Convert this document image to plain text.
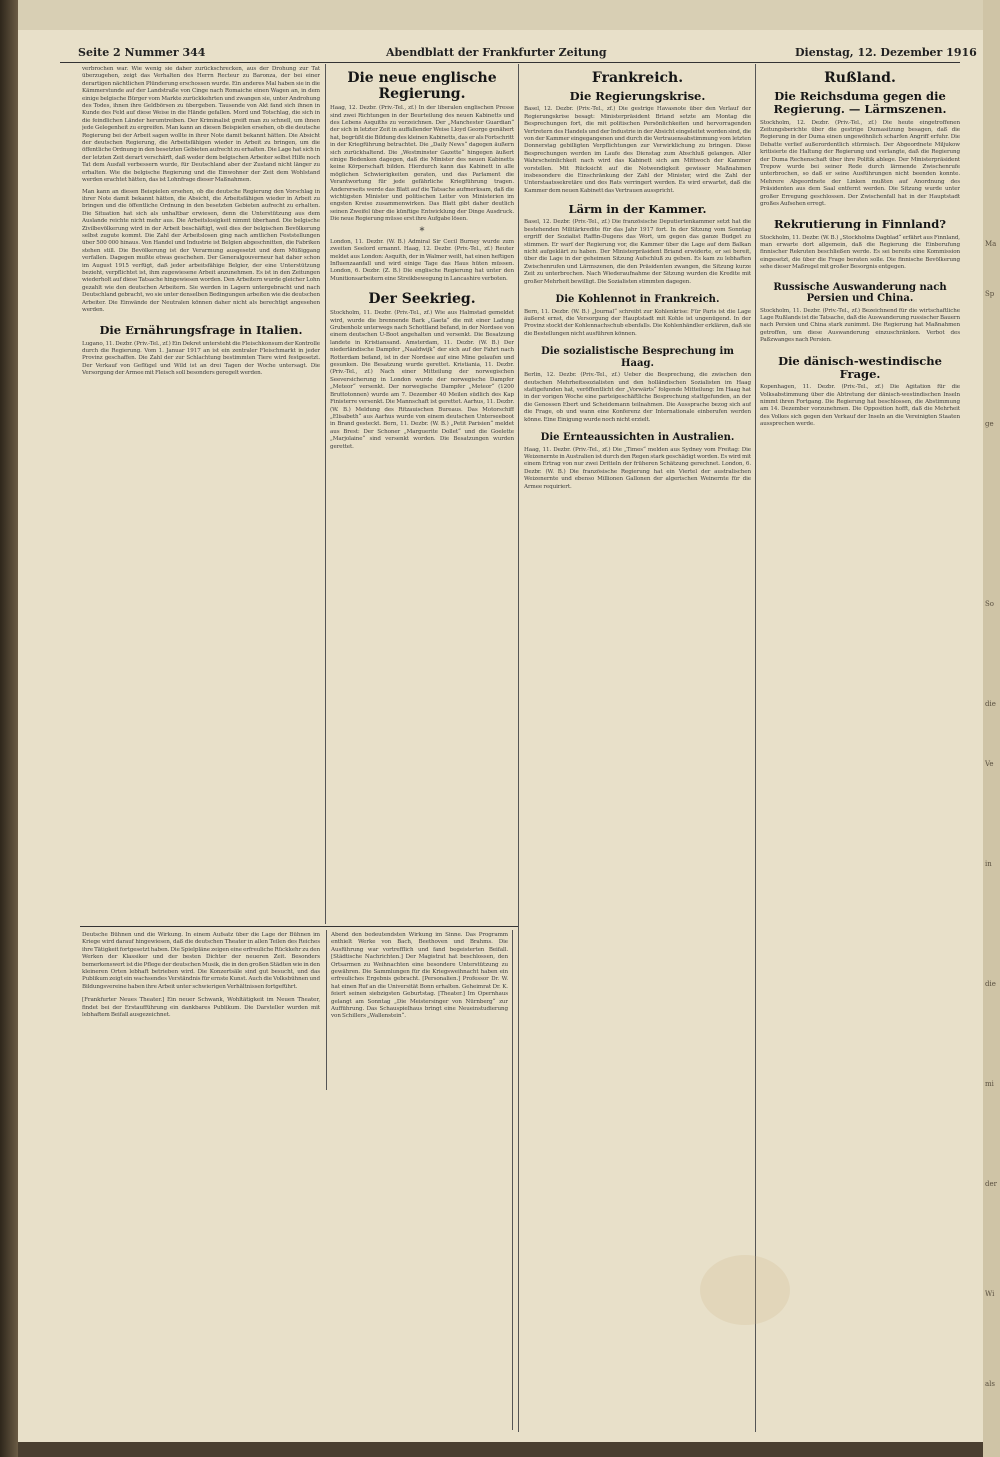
Ma
Sp
ge
So
die
Ve
in
die
mi
der
Wi
als
Seite 2 Nummer 344	Abendblatt der Frankfurter Zeitung	Dienstag, 12. Dezember 1916
verbrochen war. Wie wenig sie daher zurückschrecken, aus der Drohung zur Tat überzugehen, zeigt das Verhalten des Herrn Recteur zu Baronza, der bei einer derartigen nächtlichen Plünderung erschossen wurde. Ein anderes Mal haben sie in die Kämmerstunde auf der Landstraße von Cinge nach Romaiche einen Wagen an, in dem einige belgische Bürger vom Markte zurückkehrten und zwangen sie, unter Androhung des Todes, ihnen ihre Geldbörsen zu übergeben. Tausende von Akt fand sich ihnen in Kunde des Feld auf diese Weise in die Hände gefallen. Mord und Totschlag, die sich in die feindlichen Länder herumtreiben. Der Kriminalist greift man zu schnell, um ihnen jede Gelegenheit zu ergreifen. Man kann an diesen Beispielen ersehen, ob die deutsche Regierung bei der Arbeit sagen wollte in ihrer Note damit bekannt hätten. Die Absicht der deutschen Regierung, die Arbeitsfähigen wieder in Arbeit zu bringen, um die öffentliche Ordnung in den besetzten Gebieten aufrecht zu erhalten. Die Lage hat sich in der letzten Zeit derart verschärft, daß weder dem belgischen Arbeiter selbst Hilfe noch Tat dem Ausfall verbessern wurde, für Deutschland aber der Zustand nicht länger zu erhalten. Wie die belgische Regierung und die Einwohner der Zeit dem Wohlstand werden erachtet hätten, das ist Lohnfrage dieser Maßnahmen.
Man kann an diesen Beispielen ersehen, ob die deutsche Regierung den Vorschlag in ihrer Note damit bekannt hätten, die Absicht, die Arbeitsfähigen wieder in Arbeit zu bringen und die öffentliche Ordnung in den besetzten Gebieten aufrecht zu erhalten. Die Situation hat sich als unhaltbar erwiesen, denn die Unterstützung aus dem Auslande reichte nicht mehr aus. Die Arbeitslosigkeit nimmt überhand. Die belgische Zivilbevölkerung wird in der Arbeit beschäftigt, weil dies der belgischen Bevölkerung selbst zugute kommt. Die Zahl der Arbeitslosen ging nach amtlichen Feststellungen über 500 000 hinaus. Von Handel und Industrie ist Belgien abgeschnitten, die Fabriken stehen still. Die Bevölkerung ist der Verarmung ausgesetzt und dem Müßiggang verfallen. Dagegen mußte etwas geschehen. Der Generalgouverneur hat daher schon im August 1915 verfügt, daß jeder arbeitsfähige Belgier, der eine Unterstützung bezieht, verpflichtet ist, ihm zugewiesene Arbeit anzunehmen. Es ist in den Zeitungen wiederholt auf diese Tatsache hingewiesen worden. Den Arbeitern wurde gleicher Lohn gezahlt wie den deutschen Arbeitern. Sie werden in Lagern untergebracht und nach Deutschland gebracht, wo sie unter denselben Bedingungen arbeiten wie die deutschen Arbeiter. Die Einwände der Neutralen können daher nicht als berechtigt angesehen werden.
Die Ernährungsfrage in Italien.
Lugano, 11. Dezbr. (Priv.-Tel., zf.) Ein Dekret untersteht die Fleischkonsum der Kontrolle durch die Regierung. Vom 1. Januar 1917 an ist ein zentraler Fleischmarkt in jeder Provinz geschaffen. Die Zahl der zur Schlachtung bestimmten Tiere wird festgesetzt. Der Verkauf von Geflügel und Wild ist an drei Tagen der Woche untersagt. Die Versorgung der Armee mit Fleisch soll besonders geregelt werden.
Die neue englische Regierung.
Haag, 12. Dezbr. (Priv.-Tel., zf.) In der liberalen englischen Presse sind zwei Richtungen in der Beurteilung des neuen Kabinetts und des Lebens Asquiths zu verzeichnen. Der „Manchester Guardian“ der sich in letzter Zeit in auffallender Weise Lloyd George genähert hat, begrüßt die Bildung des kleinen Kabinetts, das er als Fortschritt in der Kriegführung betrachtet. Die „Daily News“ dagegen äußern sich zurückhaltend. Die „Westminster Gazette“ hingegen äußert einige Bedenken dagegen, daß die Minister des neuen Kabinetts keine Körperschaft bilden. Hierdurch kann das Kabinett in alle möglichen Schwierigkeiten geraten, und das Parlament die Verantwortung für jede gefährliche Kriegführung tragen. Andererseits werde das Blatt auf die Tatsache aufmerksam, daß die wichtigsten Minister und politischen Leiter von Ministerien im engsten Kreise zusammenwirken. Das Blatt gibt daher deutlich seinen Zweifel über die künftige Entwicklung der Dinge Ausdruck. Die neue Regierung müsse erst ihre Aufgabe lösen.
*
London, 11. Dezbr. (W. B.) Admiral Sir Cecil Burney wurde zum zweiten Seelord ernannt. Haag, 12. Dezbr. (Priv.-Tel., zf.) Reuter meldet aus London: Asquith, der in Walmer weilt, hat einen heftigen Influenzaanfall und wird einige Tage das Haus hüten müssen. London, 6. Dezbr. (Z. B.) Die englische Regierung hat unter den Munitionsarbeitern eine Streikbewegung in Lancashire verboten.
Der Seekrieg.
Stockholm, 11. Dezbr. (Priv.-Tel., zf.) Wie aus Halmstad gemeldet wird, wurde die brennende Bark „Gaeta“ die mit einer Ladung Grubenholz unterwegs nach Schottland befand, in der Nordsee von einem deutschen U-Boot angehalten und versenkt. Die Besatzung landete in Kristiansand. Amsterdam, 11. Dezbr. (W. B.) Der niederländische Dampfer „Naaldwijk“ der sich auf der Fahrt nach Rotterdam befand, ist in der Nordsee auf eine Mine gelaufen und gesunken. Die Besatzung wurde gerettet. Kristiania, 11. Dezbr. (Priv.-Tel., zf.) Nach einer Mitteilung der norwegischen Seeversicherung in London wurde der norwegische Dampfer „Meteor“ versenkt. Der norwegische Dampfer „Meteor“ (1200 Bruttotonnen) wurde am 7. Dezember 40 Meilen südlich des Kap Finisterre versenkt. Die Mannschaft ist gerettet. Aarhus, 11. Dezbr. (W. B.) Meldung des Ritzauischen Bureaus. Das Motorschiff „Elisabeth“ aus Aarhus wurde von einem deutschen Unterseeboot in Brand gesteckt. Bern, 11. Dezbr. (W. B.) „Petit Parisien“ meldet aus Brest: Der Schoner „Marguerite Dollet“ und die Goelette „Marjolaine“ sind versenkt worden. Die Besatzungen wurden gerettet.
Frankreich.
Die Regierungskrise.
Basel, 12. Dezbr. (Priv.-Tel., zf.) Die gestrige Havasnote über den Verlauf der Regierungskrise besagt: Ministerpräsident Briand setzte am Montag die Besprechungen fort, die mit politischen Persönlichkeiten und hervorragenden Vertretern des Handels und der Industrie in der Absicht eingeleitet worden sind, die von der Kammer eingegangenen und durch die Vertrauensabstimmung vom letzten Donnerstag gebilligten Verpflichtungen zur Verwirklichung zu bringen. Diese Besprechungen werden im Laufe des Dienstag zum Abschluß gelangen. Aller Wahrscheinlichkeit nach wird das Kabinett sich am Mittwoch der Kammer vorstellen. Mit Rücksicht auf die Notwendigkeit gewisser Maßnahmen insbesondere die Einschränkung der Zahl der Minister, wird die Zahl der Unterstaatssekretäre und des Rats verringert werden. Es wird erwartet, daß die Kammer dem neuen Kabinett das Vertrauen ausspricht.
Lärm in der Kammer.
Basel, 12. Dezbr. (Priv.-Tel., zf.) Die französische Deputiertenkammer setzt hat die bestehenden Militärkredite für das Jahr 1917 fort. In der Sitzung vom Sonntag ergriff der Sozialist Raffin-Dugens das Wort, um gegen das ganze Budget zu stimmen. Er warf der Regierung vor, die Kammer über die Lage auf dem Balkan nicht aufgeklärt zu haben. Der Ministerpräsident Briand erwiderte, er sei bereit, über die Lage in der geheimen Sitzung Aufschluß zu geben. Es kam zu lebhaften Zwischenrufen und Lärmszenen, die den Präsidenten zwangen, die Sitzung kurze Zeit zu unterbrechen. Nach Wiederaufnahme der Sitzung wurden die Kredite mit großer Mehrheit bewilligt. Die Sozialisten stimmten dagegen.
Die Kohlennot in Frankreich.
Bern, 11. Dezbr. (W. B.) „Journal“ schreibt zur Kohlenkrise: Für Paris ist die Lage äußerst ernst, die Versorgung der Hauptstadt mit Kohle ist ungenügend. In der Provinz stockt der Kohlennachschub ebenfalls. Die Kohlenhändler erklären, daß sie die Bestellungen nicht ausführen können.
Die sozialistische Besprechung im Haag.
Berlin, 12. Dezbr. (Priv.-Tel., zf.) Ueber die Besprechung, die zwischen den deutschen Mehrheitssozialisten und den holländischen Sozialisten im Haag stattgefunden hat, veröffentlicht der „Vorwärts“ folgende Mitteilung: Im Haag hat in der vorigen Woche eine parteigeschäftliche Besprechung stattgefunden, an der die Genossen Ebert und Scheidemann teilnahmen. Die Aussprache bezog sich auf die Frage, ob und wann eine Konferenz der Internationale einberufen werden könne. Eine Einigung wurde noch nicht erzielt.
Die Ernteaussichten in Australien.
Haag, 11. Dezbr. (Priv.-Tel., zf.) Die „Times“ melden aus Sydney vom Freitag: Die Weizenernte in Australien ist durch den Regen stark geschädigt worden. Es wird mit einem Ertrag von nur zwei Dritteln der früheren Schätzung gerechnet. London, 6. Dezbr. (W. B.) Die französische Regierung hat ein Viertel der australischen Weizenernte und ebenso Millionen Gallonen der algerischen Weinernte für die Armee requiriert.
Rußland.
Die Reichsduma gegen die Regierung. — Lärmszenen.
Stockholm, 12. Dezbr. (Priv.-Tel., zf.) Die heute eingetroffenen Zeitungsberichte über die gestrige Dumasitzung besagen, daß die Regierung in der Duma einen ungewöhnlich scharfen Angriff erfuhr. Die Debatte verlief außerordentlich stürmisch. Der Abgeordnete Miljukow kritisierte die Haltung der Regierung und verlangte, daß die Regierung der Duma Rechenschaft über ihre Politik ablege. Der Ministerpräsident Trepow wurde bei seiner Rede durch lärmende Zwischenrufe unterbrochen, so daß er seine Ausführungen nicht beenden konnte. Mehrere Abgeordnete der Linken mußten auf Anordnung des Präsidenten aus dem Saal entfernt werden. Die Sitzung wurde unter großer Erregung geschlossen. Der Zwischenfall hat in der Hauptstadt großes Aufsehen erregt.
Rekrutierung in Finnland?
Stockholm, 11. Dezbr. (W. B.) „Stockholms Dagblad“ erfährt aus Finnland, man erwarte dort allgemein, daß die Regierung die Einberufung finnischer Rekruten beschließen werde. Es sei bereits eine Kommission eingesetzt, die über die Frage beraten solle. Die finnische Bevölkerung sehe dieser Maßregel mit großer Besorgnis entgegen.
Russische Auswanderung nach Persien und China.
Stockholm, 11. Dezbr. (Priv.-Tel., zf.) Bezeichnend für die wirtschaftliche Lage Rußlands ist die Tatsache, daß die Auswanderung russischer Bauern nach Persien und China stark zunimmt. Die Regierung hat Maßnahmen getroffen, um diese Auswanderung einzuschränken. Verbot des Paßzwanges nach Persien.
Die dänisch-westindische Frage.
Kopenhagen, 11. Dezbr. (Priv.-Tel., zf.) Die Agitation für die Volksabstimmung über die Abtretung der dänisch-westindischen Inseln nimmt ihren Fortgang. Die Regierung hat beschlossen, die Abstimmung am 14. Dezember vorzunehmen. Die Opposition hofft, daß die Mehrheit des Volkes sich gegen den Verkauf der Inseln an die Vereinigten Staaten aussprechen werde.
Deutsche Bühnen und die Wirkung. In einem Aufsatz über die Lage der Bühnen im Kriege wird darauf hingewiesen, daß die deutschen Theater in allen Teilen des Reiches ihre Tätigkeit fortgesetzt haben. Die Spielpläne zeigen eine erfreuliche Rückkehr zu den Werken der Klassiker und der besten Dichter der neueren Zeit. Besonders bemerkenswert ist die Pflege der deutschen Musik, die in den großen Städten wie in den kleineren Orten lebhaft betrieben wird. Die Konzertsäle sind gut besucht, und das Publikum zeigt ein wachsendes Verständnis für ernste Kunst. Auch die Volksbühnen und Bildungsvereine haben ihre Arbeit unter schwierigen Verhältnissen fortgeführt.
[Frankfurter Neues Theater.] Ein neuer Schwank, Wohltätigkeit im Neuen Theater, findet bei der Erstaufführung ein dankbares Publikum. Die Darsteller wurden mit lebhaftem Beifall ausgezeichnet.
Abend den bedeutendsten Wirkung im Sinne. Das Programm enthielt Werke von Bach, Beethoven und Brahms. Die Ausführung war vortrefflich und fand begeisterten Beifall. [Städtische Nachrichten.] Der Magistrat hat beschlossen, den Ortsarmen zu Weihnachten eine besondere Unterstützung zu gewähren. Die Sammlungen für die Kriegsweihnacht haben ein erfreuliches Ergebnis gebracht. [Personalien.] Professor Dr. W. hat einen Ruf an die Universität Bonn erhalten. Geheimrat Dr. K. feiert seinen siebzigsten Geburtstag. [Theater.] Im Opernhaus gelangt am Sonntag „Die Meistersinger von Nürnberg“ zur Aufführung. Das Schauspielhaus bringt eine Neueinstudierung von Schillers „Wallenstein“.
